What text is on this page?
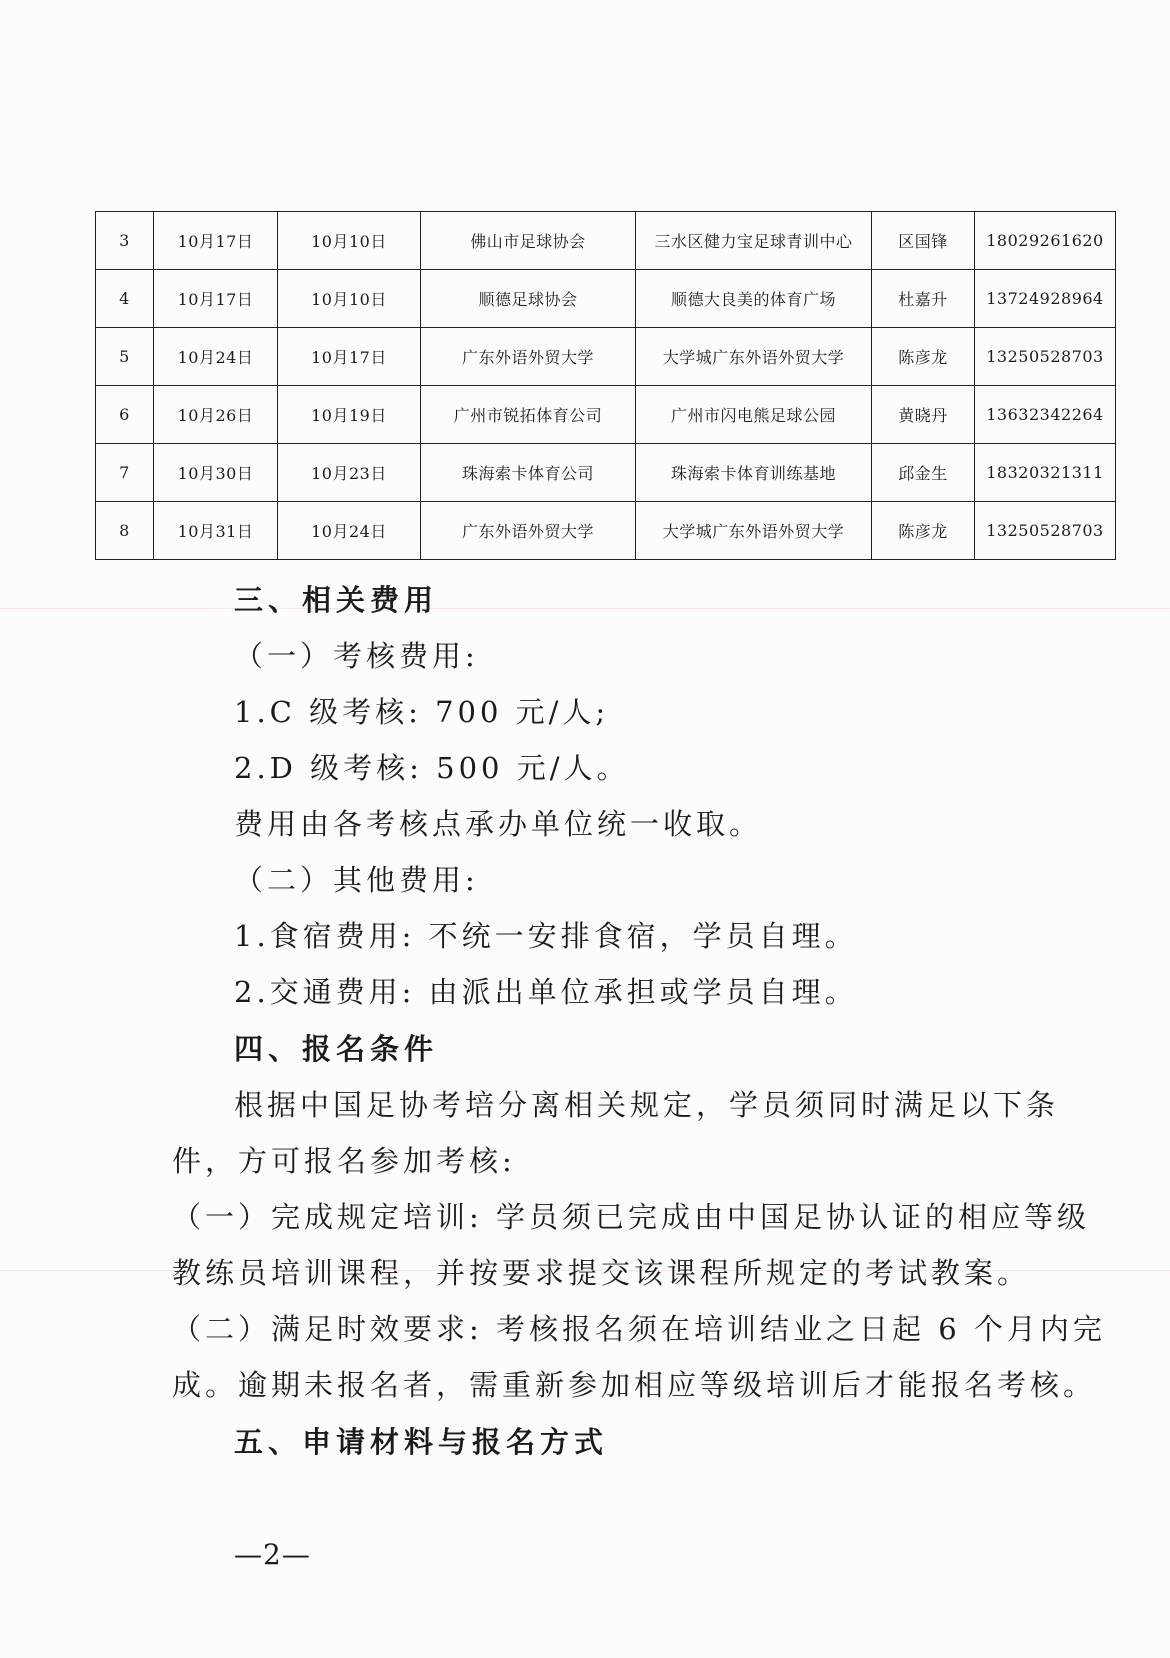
3	10月17日	10月10日	佛山市足球协会	三水区健力宝足球青训中心	区国锋	18029261620
4	10月17日	10月10日	顺德足球协会	顺德大良美的体育广场	杜嘉升	13724928964
5	10月24日	10月17日	广东外语外贸大学	大学城广东外语外贸大学	陈彦龙	13250528703
6	10月26日	10月19日	广州市锐拓体育公司	广州市闪电熊足球公园	黄晓丹	13632342264
7	10月30日	10月23日	珠海索卡体育公司	珠海索卡体育训练基地	邱金生	18320321311
8	10月31日	10月24日	广东外语外贸大学	大学城广东外语外贸大学	陈彦龙	13250528703
三、相关费用
（一）考核费用:
1.C 级考核: 700 元/人;
2.D 级考核: 500 元/人。
费用由各考核点承办单位统一收取。
（二）其他费用:
1.食宿费用: 不统一安排食宿，学员自理。
2.交通费用: 由派出单位承担或学员自理。
四、报名条件
根据中国足协考培分离相关规定，学员须同时满足以下条
件，方可报名参加考核:
（一）完成规定培训: 学员须已完成由中国足协认证的相应等级
教练员培训课程，并按要求提交该课程所规定的考试教案。
（二）满足时效要求: 考核报名须在培训结业之日起 6 个月内完
成。逾期未报名者，需重新参加相应等级培训后才能报名考核。
五、申请材料与报名方式
—2—
